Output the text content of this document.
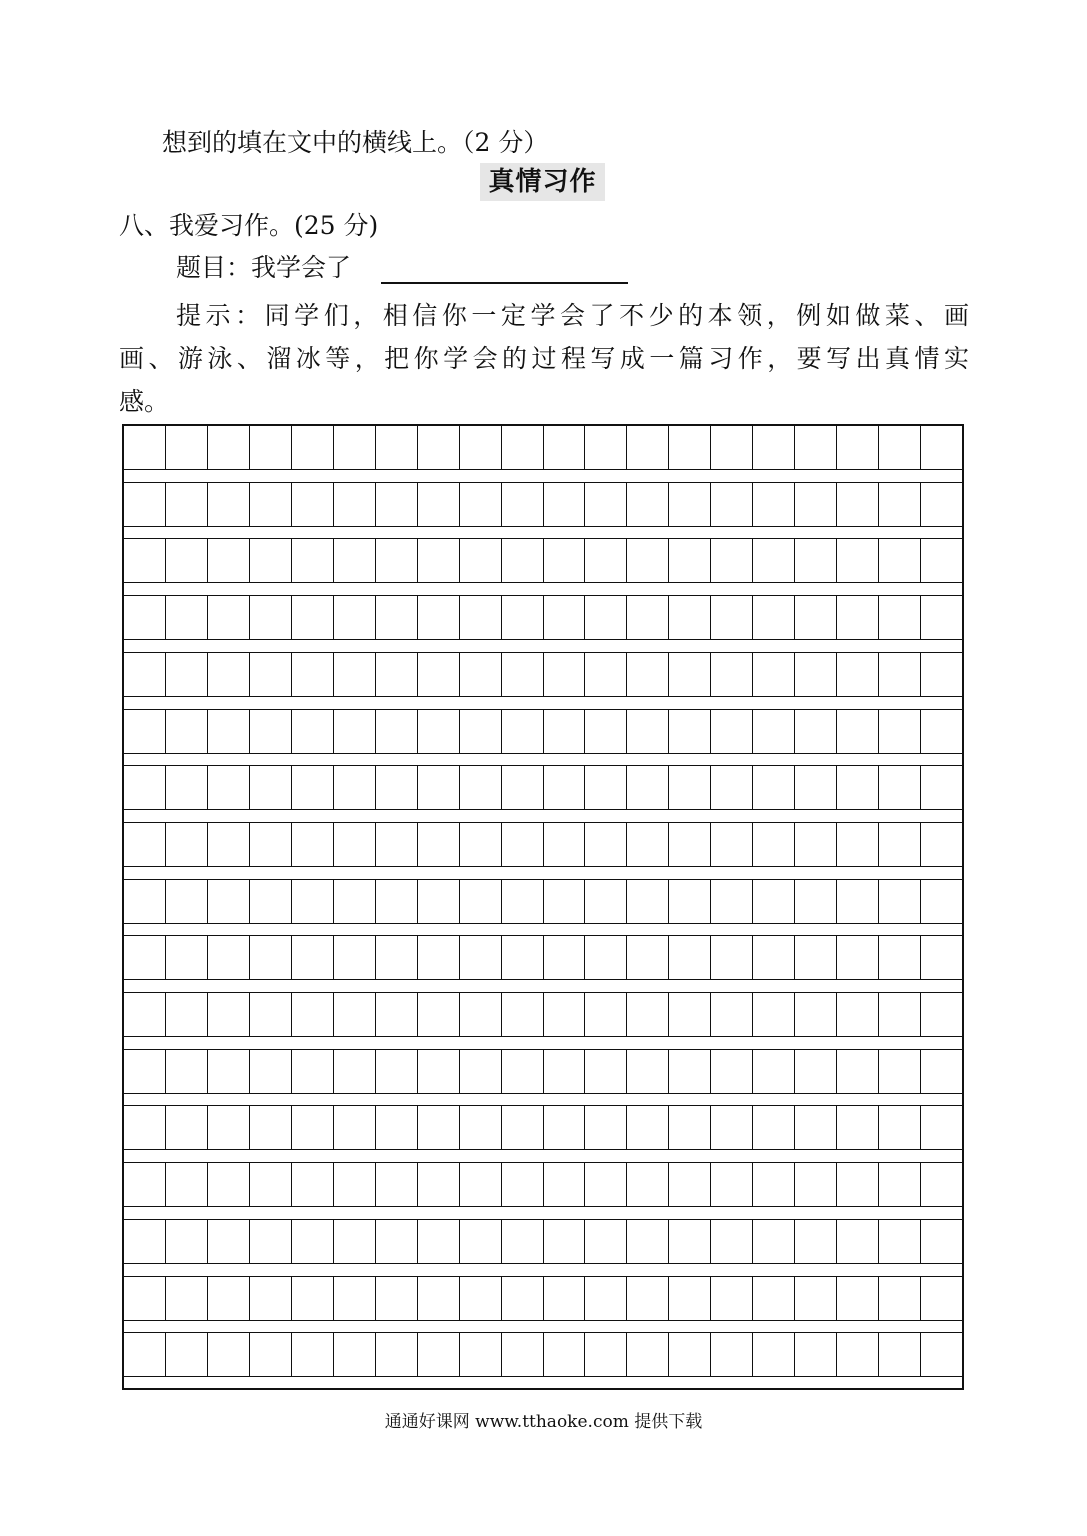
想到的填在文中的横线上。（2 分）
真情习作
八、我爱习作。(25 分)
题目：我学会了
提示：同学们，相信你一定学会了不少的本领，例如做菜、画
画、游泳、溜冰等，把你学会的过程写成一篇习作，要写出真情实
感。
通通好课网 www.tthaoke.com 提供下载
